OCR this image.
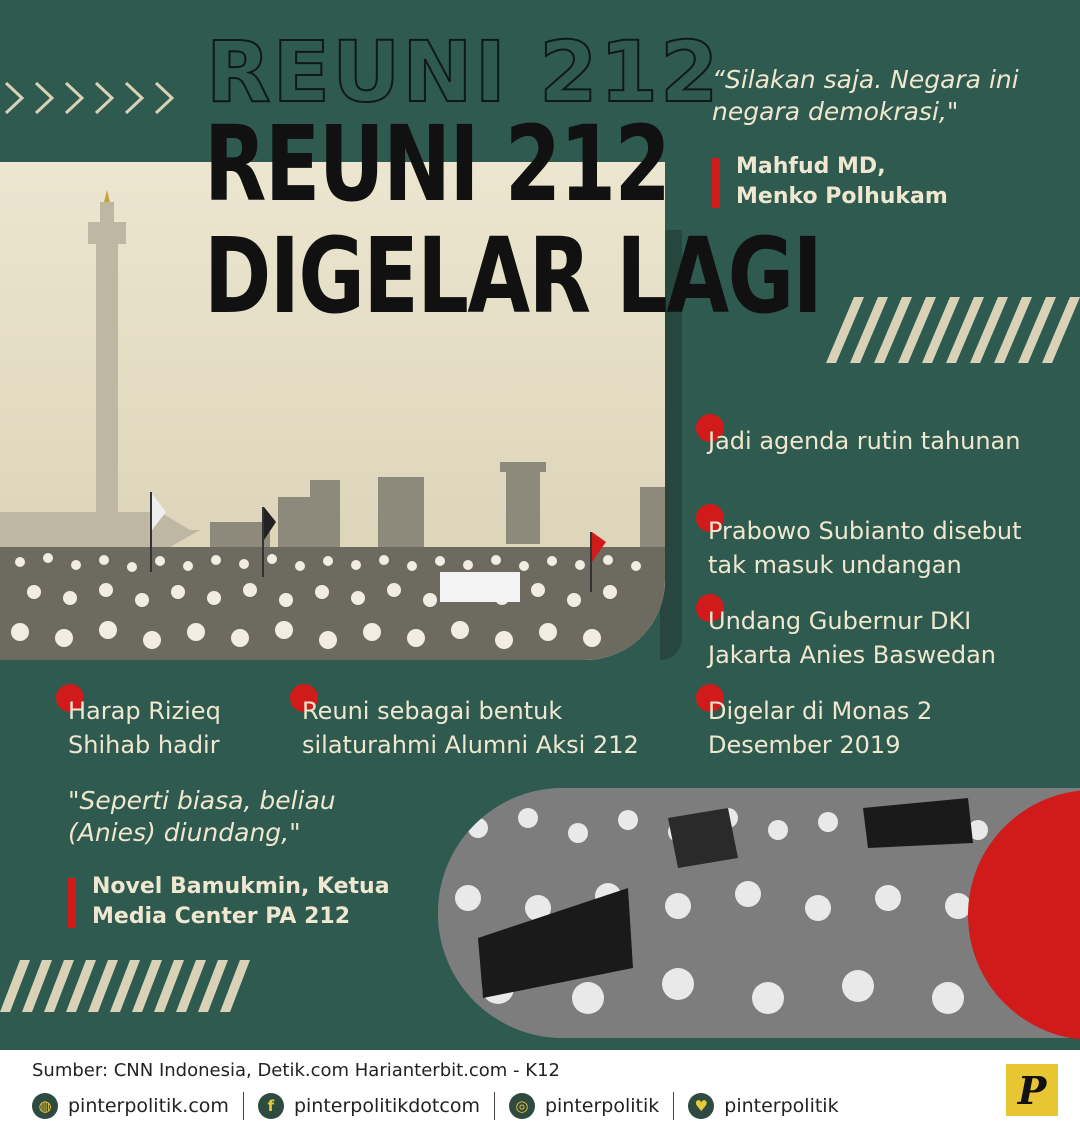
REUNI 212
REUNI 212
DIGELAR LAGI
“Silakan saja. Negara ini negara demokrasi,"
Mahfud MD,
Menko Polhukam
Jadi agenda rutin tahunan
Prabowo Subianto disebut tak masuk undangan
Undang Gubernur DKI Jakarta Anies Baswedan
Digelar di Monas 2 Desember 2019
Harap Rizieq Shihab hadir
Reuni sebagai bentuk silaturahmi Alumni Aksi 212
"Seperti biasa, beliau (Anies) diundang,"
Novel Bamukmin, Ketua
Media Center PA 212
Sumber: CNN Indonesia, Detik.com Harianterbit.com - K12
◍ pinterpolitik.com	f	pinterpolitikdotcom	◎ pinterpolitik	♥ pinterpolitik	P
